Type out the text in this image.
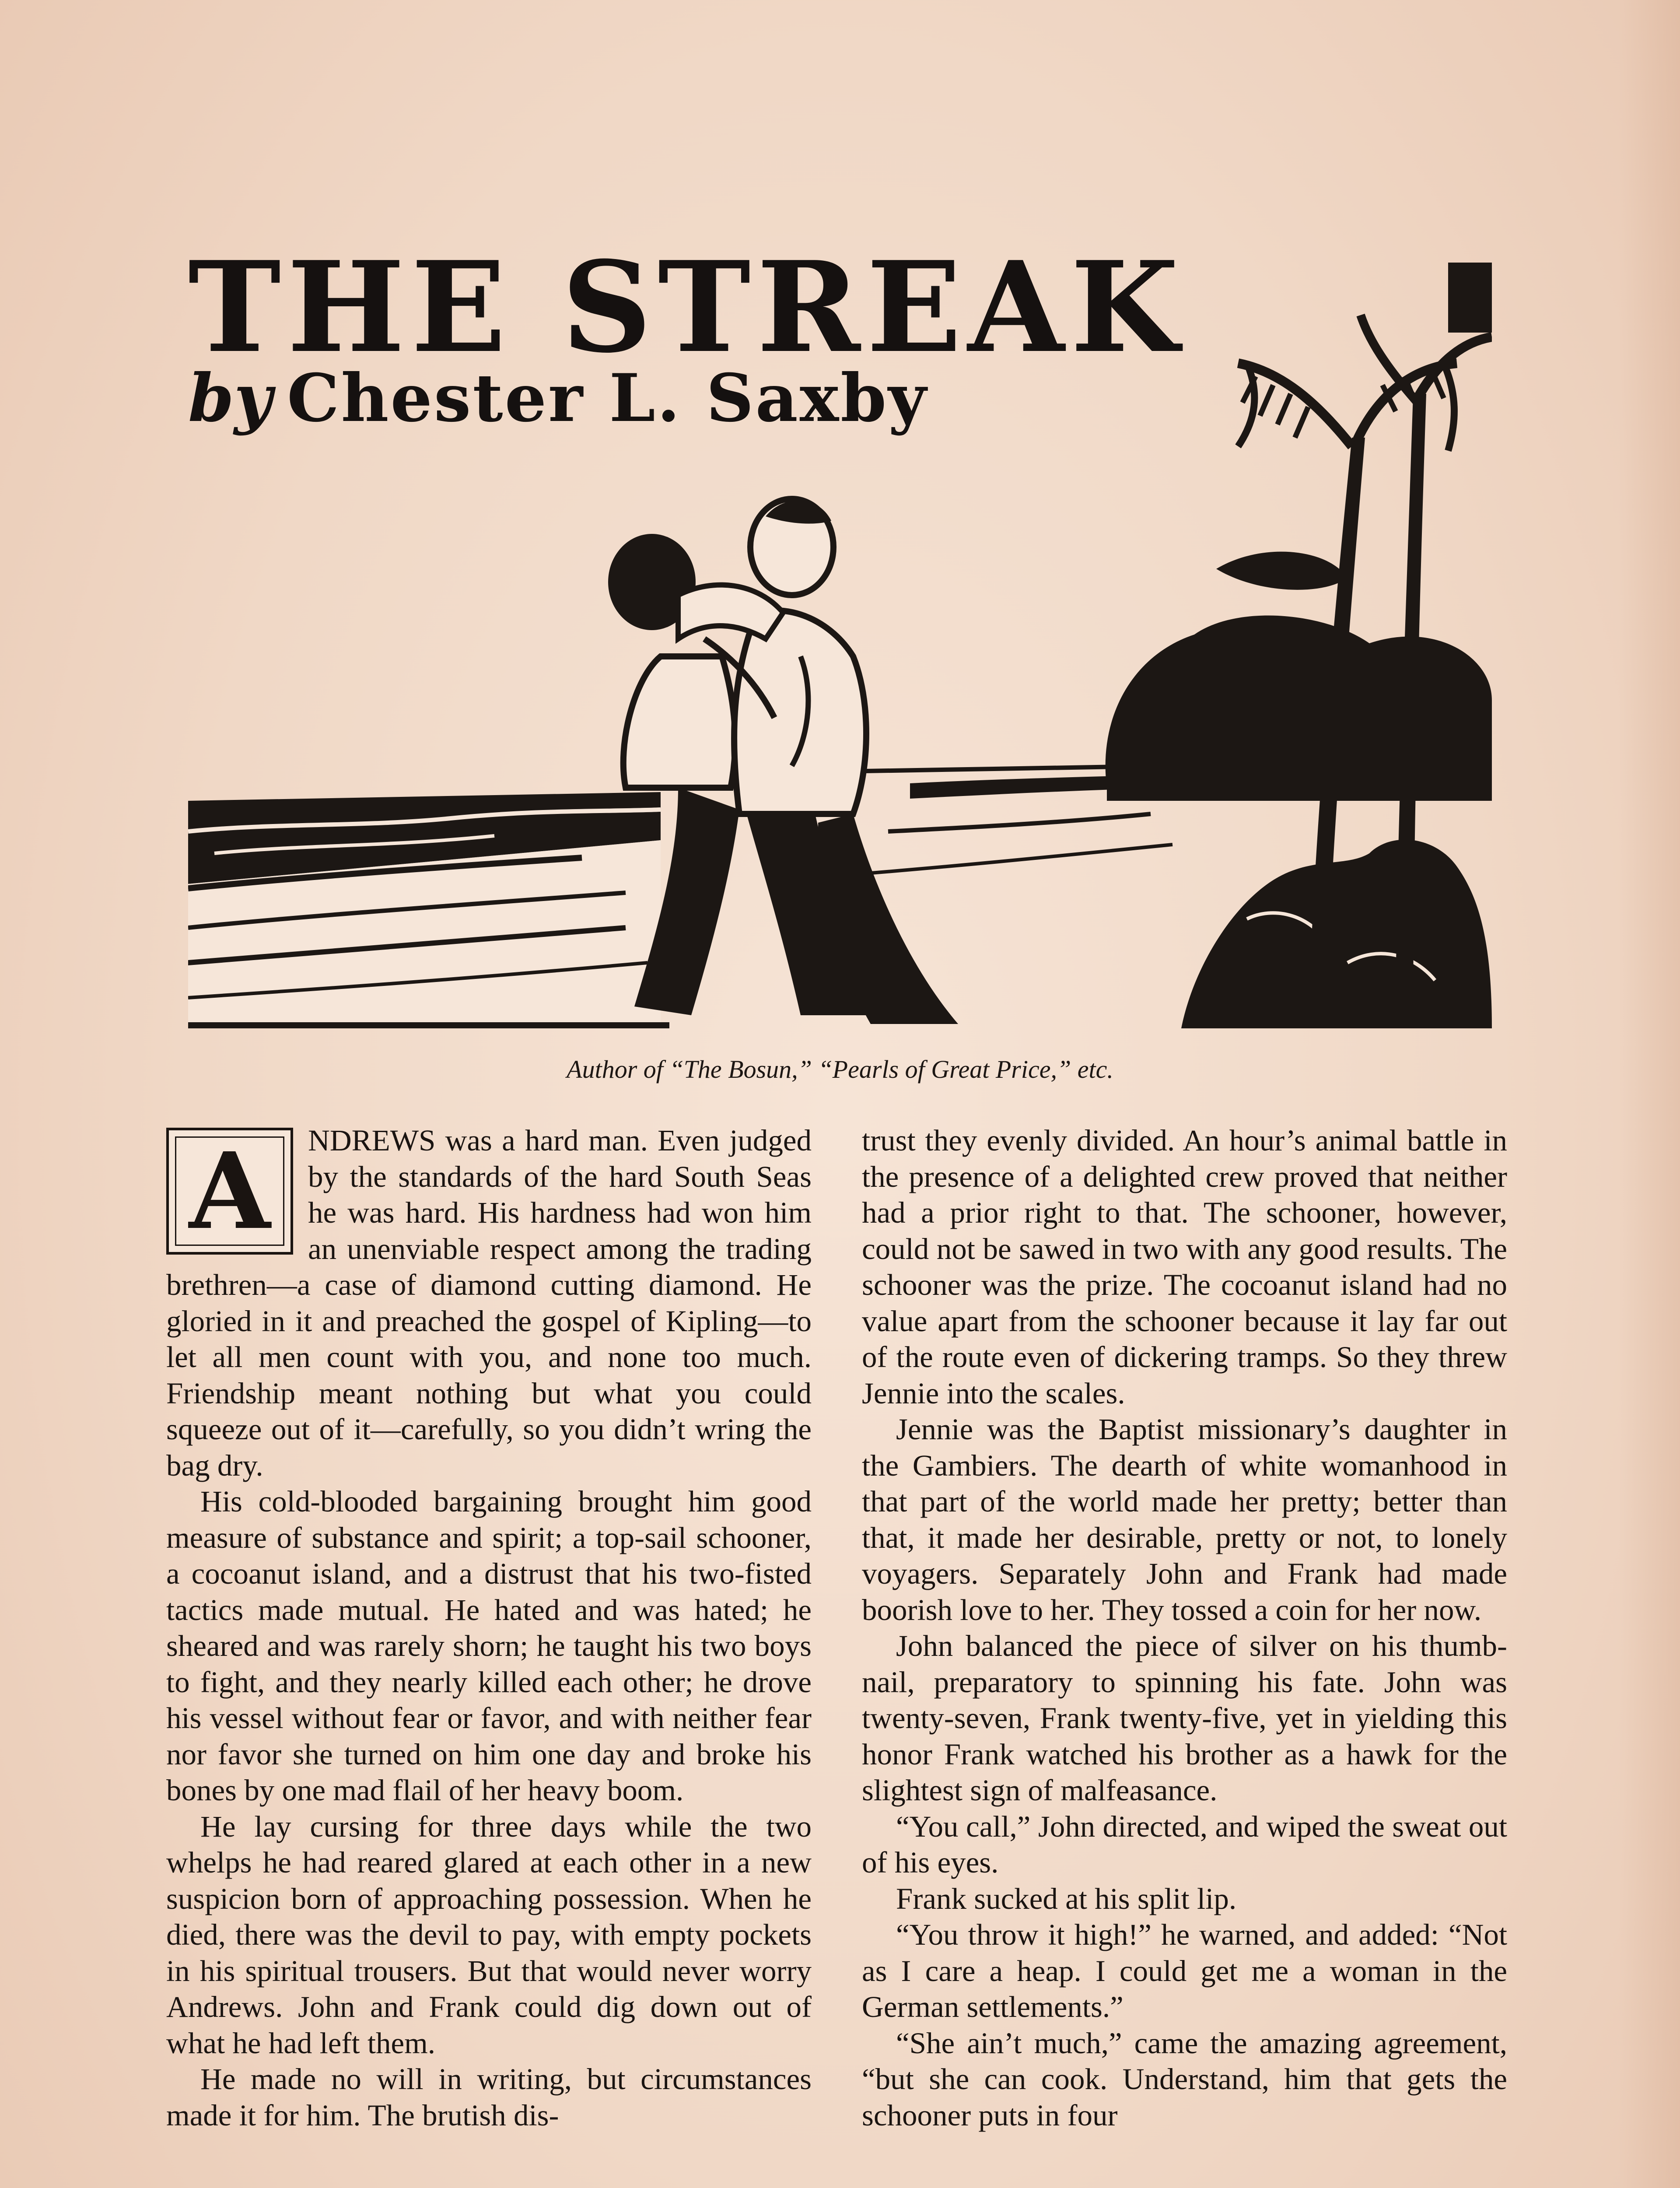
THE STREAK
by Chester L. Saxby
Author of “The Bosun,” “Pearls of Great Price,” etc.
A	NDREWS was a hard man. Even judged by the standards of the hard South Seas he was hard. His hardness had won him an unenviable respect among the trading brethren—a case of diamond cutting diamond. He gloried in it and preached the gospel of Kipling—to let all men count with you, and none too much. Friendship meant nothing but what you could squeeze out of it—carefully, so you didn’t wring the bag dry.

His cold-blooded bargaining brought him good measure of substance and spirit; a top-sail schooner, a cocoanut island, and a distrust that his two-fisted tactics made mutual. He hated and was hated; he sheared and was rarely shorn; he taught his two boys to fight, and they nearly killed each other; he drove his vessel without fear or favor, and with neither fear nor favor she turned on him one day and broke his bones by one mad flail of her heavy boom.

He lay cursing for three days while the two whelps he had reared glared at each other in a new suspicion born of approaching possession. When he died, there was the devil to pay, with empty pockets in his spiritual trousers. But that would never worry Andrews. John and Frank could dig down out of what he had left them.

He made no will in writing, but circumstances made it for him. The brutish dis-

trust they evenly divided. An hour’s animal battle in the presence of a delighted crew proved that neither had a prior right to that. The schooner, however, could not be sawed in two with any good results. The schooner was the prize. The cocoanut island had no value apart from the schooner because it lay far out of the route even of dickering tramps. So they threw Jennie into the scales.

Jennie was the Baptist missionary’s daughter in the Gambiers. The dearth of white womanhood in that part of the world made her pretty; better than that, it made her desirable, pretty or not, to lonely voyagers. Separately John and Frank had made boorish love to her. They tossed a coin for her now.

John balanced the piece of silver on his thumb-nail, preparatory to spinning his fate. John was twenty-seven, Frank twenty-five, yet in yielding this honor Frank watched his brother as a hawk for the slightest sign of malfeasance.

“You call,” John directed, and wiped the sweat out of his eyes.

Frank sucked at his split lip.

“You throw it high!” he warned, and added: “Not as I care a heap. I could get me a woman in the German settlements.”

“She ain’t much,” came the amazing agreement, “but she can cook. Understand, him that gets the schooner puts in four
